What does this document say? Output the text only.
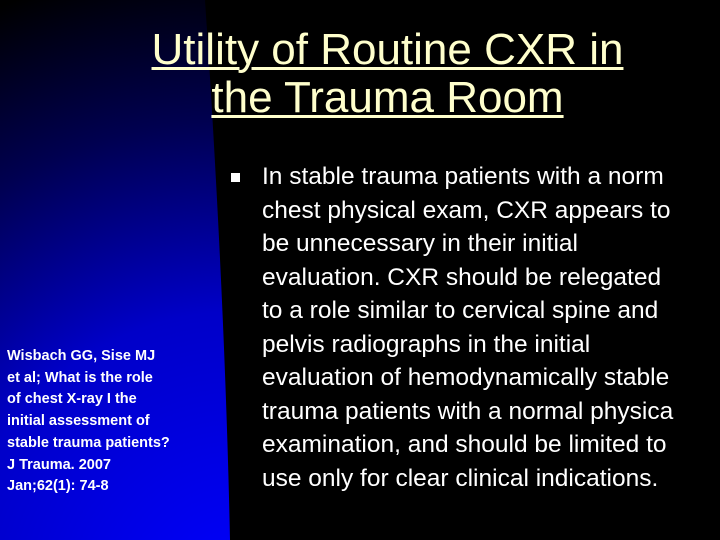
Utility of Routine CXR in
the Trauma Room

Wisbach GG, Sise MJ
et al; What is the role
of chest X-ray I the
initial assessment of
stable trauma patients?
J Trauma. 2007
Jan;62(1): 74-8

In stable trauma patients with a norm
chest physical exam, CXR appears to
be unnecessary in their initial
evaluation. CXR should be relegated
to a role similar to cervical spine and
pelvis radiographs in the initial
evaluation of hemodynamically stable
trauma patients with a normal physica
examination, and should be limited to
use only for clear clinical indications.
